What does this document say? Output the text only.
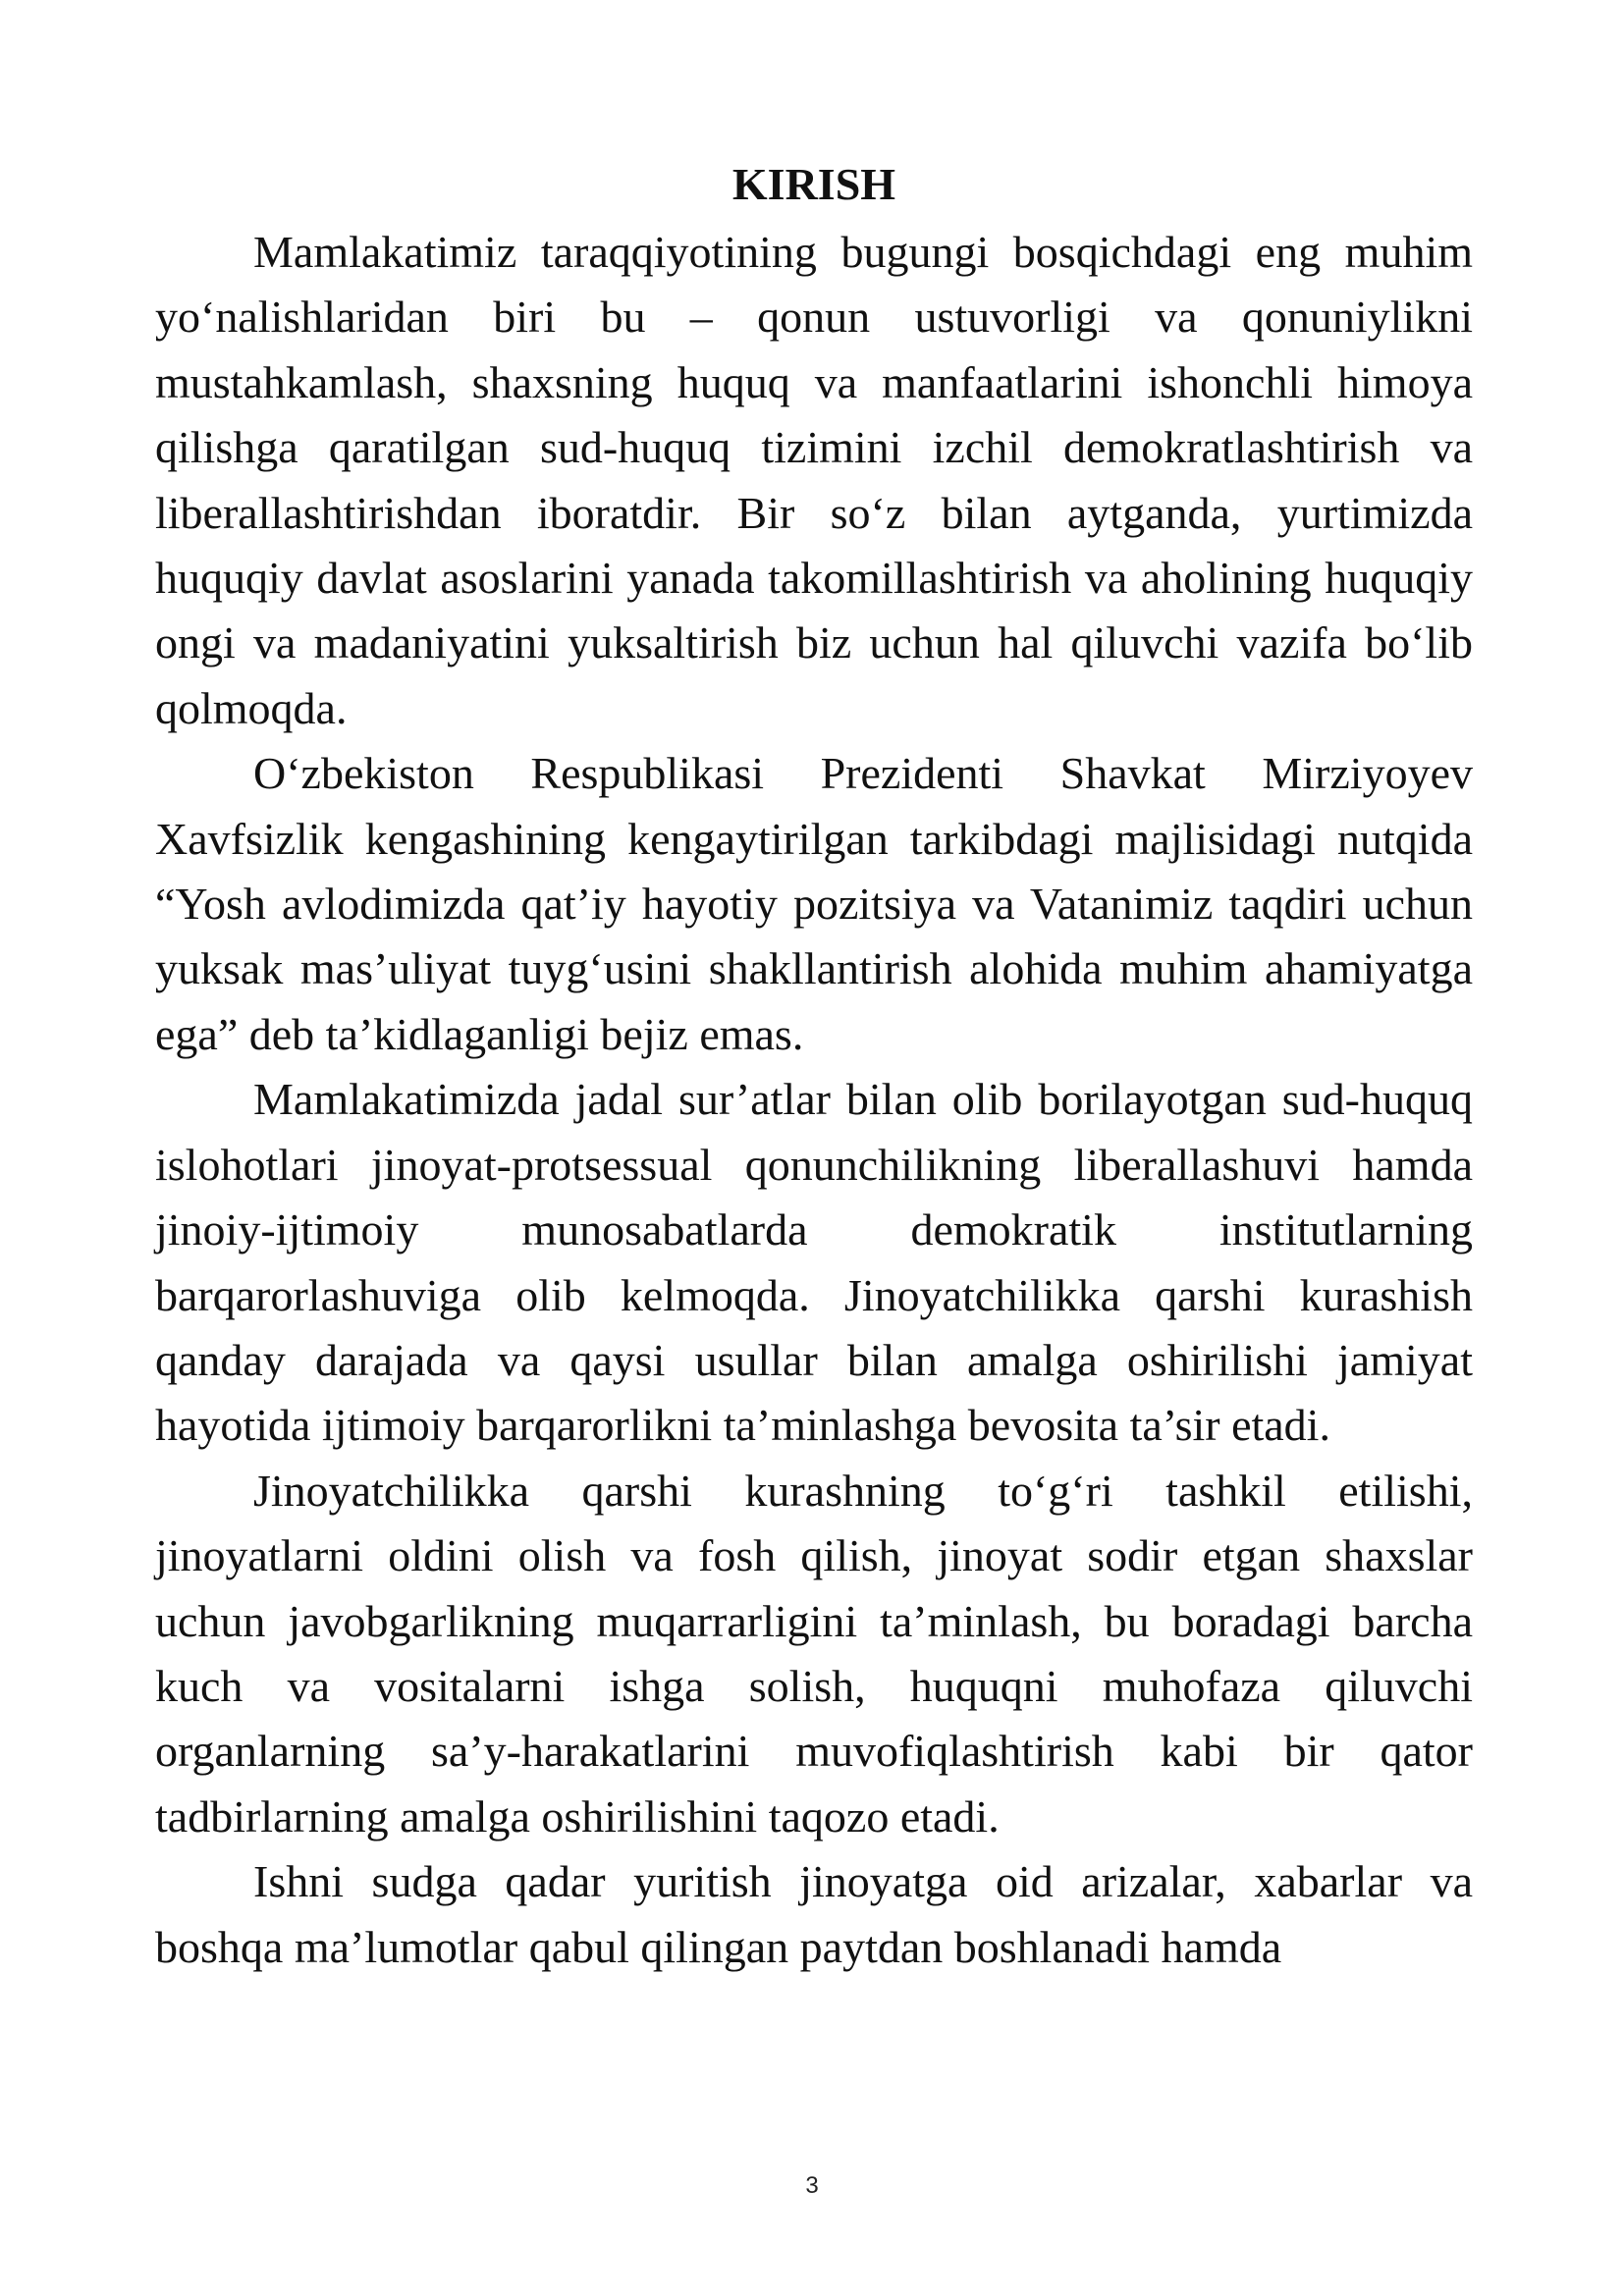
KIRISH

Mamlakatimiz taraqqiyotining bugungi bosqichdagi eng muhim yo‘nalishlaridan biri bu – qonun ustuvorligi va qonuniylikni mustahkamlash, shaxsning huquq va manfaatlarini ishonchli himoya qilishga qaratilgan sud-huquq tizimini izchil demokratlashtirish va liberallashtirishdan iboratdir. Bir so‘z bilan aytganda, yurtimizda huquqiy davlat asoslarini yanada takomillashtirish va aholining huquqiy ongi va madaniyatini yuksaltirish biz uchun hal qiluvchi vazifa bo‘lib qolmoqda.

O‘zbekiston Respublikasi Prezidenti Shavkat Mirziyoyev Xavfsizlik kengashining kengaytirilgan tarkibdagi majlisidagi nutqida “Yosh avlodimizda qat’iy hayotiy pozitsiya va Vatanimiz taqdiri uchun yuksak mas’uliyat tuyg‘usini shakllantirish alohida muhim ahamiyatga ega” deb ta’kidlaganligi bejiz emas.

Mamlakatimizda jadal sur’atlar bilan olib borilayotgan sud-huquq islohotlari jinoyat-protsessual qonunchilikning liberallashuvi hamda jinoiy-ijtimoiy munosabatlarda demokratik institutlarning barqarorlashuviga olib kelmoqda. Jinoyatchilikka qarshi kurashish qanday darajada va qaysi usullar bilan amalga oshirilishi jamiyat hayotida ijtimoiy barqarorlikni ta’minlashga bevosita ta’sir etadi.

Jinoyatchilikka qarshi kurashning to‘g‘ri tashkil etilishi, jinoyatlarni oldini olish va fosh qilish, jinoyat sodir etgan shaxslar uchun javobgarlikning muqarrarligini ta’minlash, bu boradagi barcha kuch va vositalarni ishga solish, huquqni muhofaza qiluvchi organlarning sa’y-harakatlarini muvofiqlashtirish kabi bir qator tadbirlarning amalga oshirilishini taqozo etadi.

Ishni sudga qadar yuritish jinoyatga oid arizalar, xabarlar va boshqa ma’lumotlar qabul qilingan paytdan boshlanadi hamda

3
